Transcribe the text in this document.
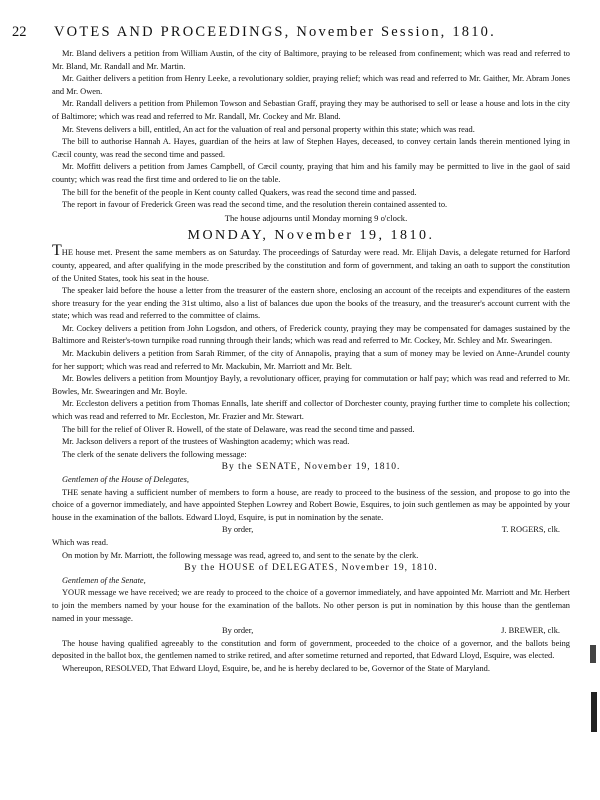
22 VOTES AND PROCEEDINGS, November Session, 1810.

Mr. Bland delivers a petition from William Austin, of the city of Baltimore, praying to be released from confinement; which was read and referred to Mr. Bland, Mr. Randall and Mr. Martin.

Mr. Gaither delivers a petition from Henry Leeke, a revolutionary soldier, praying relief; which was read and referred to Mr. Gaither, Mr. Abram Jones and Mr. Owen.

Mr. Randall delivers a petition from Philemon Towson and Sebastian Graff, praying they may be authorised to sell or lease a house and lots in the city of Baltimore; which was read and referred to Mr. Randall, Mr. Cockey and Mr. Bland.

Mr. Stevens delivers a bill, entitled, An act for the valuation of real and personal property within this state; which was read.

The bill to authorise Hannah A. Hayes, guardian of the heirs at law of Stephen Hayes, deceased, to convey certain lands therein mentioned lying in Cæcil county, was read the second time and passed.

Mr. Moffitt delivers a petition from James Campbell, of Cæcil county, praying that him and his family may be permitted to live in the gaol of said county; which was read the first time and ordered to lie on the table.

The bill for the benefit of the people in Kent county called Quakers, was read the second time and passed.

The report in favour of Frederick Green was read the second time, and the resolution therein contained assented to.

The house adjourns until Monday morning 9 o'clock.

MONDAY, November 19, 1810.

THE house met. Present the same members as on Saturday. The proceedings of Saturday were read. Mr. Elijah Davis, a delegate returned for Harford county, appeared, and after qualifying in the mode prescribed by the constitution and form of government, and taking an oath to support the constitution of the United States, took his seat in the house.

The speaker laid before the house a letter from the treasurer of the eastern shore, enclosing an account of the receipts and expenditures of the eastern shore treasury for the year ending the 31st ultimo, also a list of balances due upon the books of the treasury, and the treasurer's account current with the state; which was read and referred to the committee of claims.

Mr. Cockey delivers a petition from John Logsdon, and others, of Frederick county, praying they may be compensated for damages sustained by the Baltimore and Reister's-town turnpike road running through their lands; which was read and referred to Mr. Cockey, Mr. Schley and Mr. Swearingen.

Mr. Mackubin delivers a petition from Sarah Rimmer, of the city of Annapolis, praying that a sum of money may be levied on Anne-Arundel county for her support; which was read and referred to Mr. Mackubin, Mr. Marriott and Mr. Belt.

Mr. Bowles delivers a petition from Mountjoy Bayly, a revolutionary officer, praying for commutation or half pay; which was read and referred to Mr. Bowles, Mr. Swearingen and Mr. Boyle.

Mr. Eccleston delivers a petition from Thomas Ennalls, late sheriff and collector of Dorchester county, praying further time to complete his collection; which was read and referred to Mr. Eccleston, Mr. Frazier and Mr. Stewart.

The bill for the relief of Oliver R. Howell, of the state of Delaware, was read the second time and passed.

Mr. Jackson delivers a report of the trustees of Washington academy; which was read.

The clerk of the senate delivers the following message:

By the SENATE, November 19, 1810.

Gentlemen of the House of Delegates,

THE senate having a sufficient number of members to form a house, are ready to proceed to the business of the session, and propose to go into the choice of a governor immediately, and have appointed Stephen Lowrey and Robert Bowie, Esquires, to join such gentlemen as may be appointed by your house in the examination of the ballots. Edward Lloyd, Esquire, is put in nomination by the senate.

By order,	T. ROGERS, clk.

Which was read.

On motion by Mr. Marriott, the following message was read, agreed to, and sent to the senate by the clerk.

By the HOUSE of DELEGATES, November 19, 1810.

Gentlemen of the Senate,

YOUR message we have received; we are ready to proceed to the choice of a governor immediately, and have appointed Mr. Marriott and Mr. Herbert to join the members named by your house for the examination of the ballots. No other person is put in nomination by this house than the gentleman named in your message.

By order,	J. BREWER, clk.

The house having qualified agreeably to the constitution and form of government, proceeded to the choice of a governor, and the ballots being deposited in the ballot box, the gentlemen named to strike retired, and after sometime returned and reported, that Edward Lloyd, Esquire, was elected.

Whereupon, RESOLVED, That Edward Lloyd, Esquire, be, and he is hereby declared to be, Governor of the State of Maryland.
